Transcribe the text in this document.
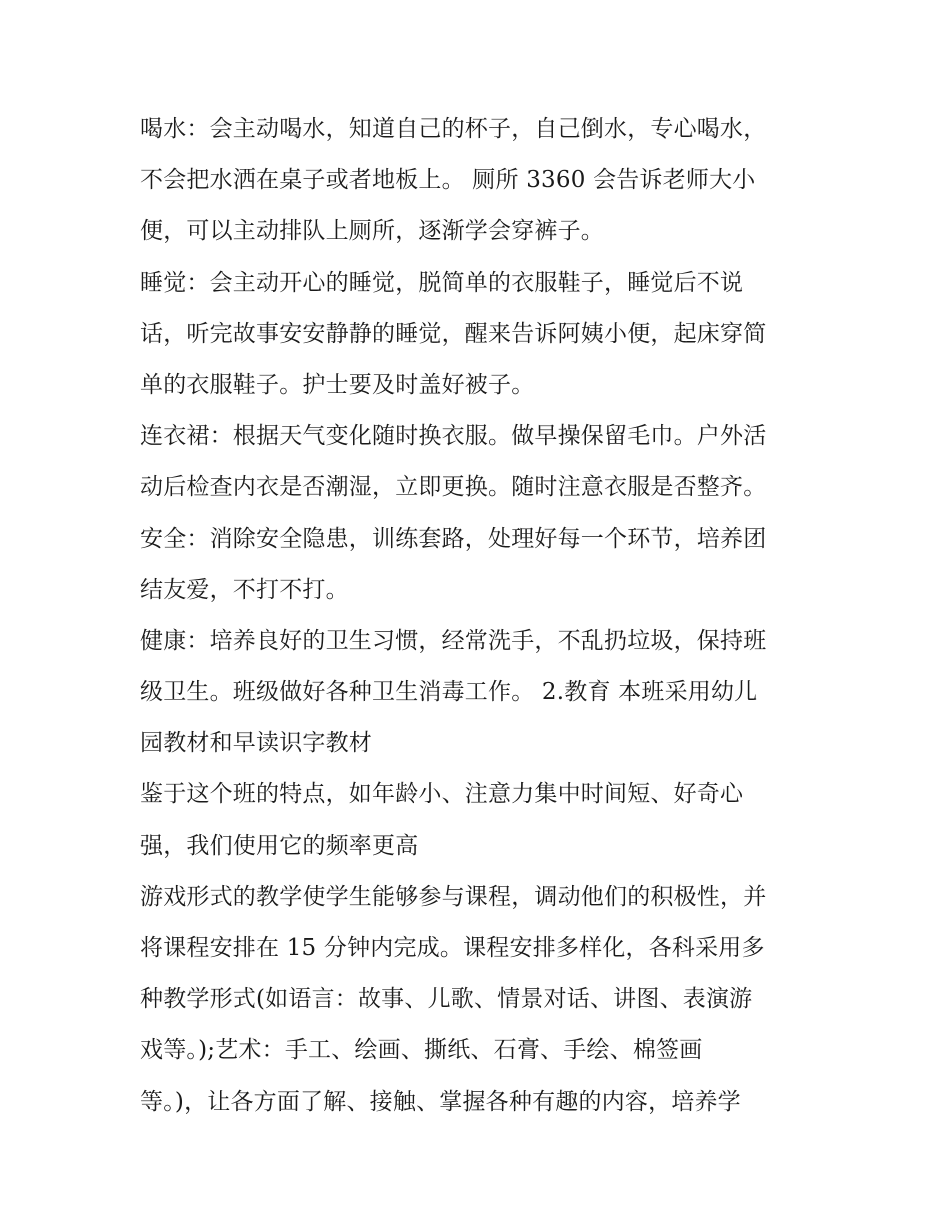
喝水：会主动喝水，知道自己的杯子，自己倒水，专心喝水，
不会把水洒在桌子或者地板上。 厕所 3360 会告诉老师大小
便，可以主动排队上厕所，逐渐学会穿裤子。
睡觉：会主动开心的睡觉，脱简单的衣服鞋子，睡觉后不说
话，听完故事安安静静的睡觉，醒来告诉阿姨小便，起床穿简
单的衣服鞋子。护士要及时盖好被子。
连衣裙：根据天气变化随时换衣服。做早操保留毛巾。户外活
动后检查内衣是否潮湿，立即更换。随时注意衣服是否整齐。
安全：消除安全隐患，训练套路，处理好每一个环节，培养团
结友爱，不打不打。
健康：培养良好的卫生习惯，经常洗手，不乱扔垃圾，保持班
级卫生。班级做好各种卫生消毒工作。 2.教育 本班采用幼儿
园教材和早读识字教材
鉴于这个班的特点，如年龄小、注意力集中时间短、好奇心
强，我们使用它的频率更高
游戏形式的教学使学生能够参与课程，调动他们的积极性，并
将课程安排在 15 分钟内完成。课程安排多样化，各科采用多
种教学形式(如语言：故事、儿歌、情景对话、讲图、表演游
戏等。);艺术：手工、绘画、撕纸、石膏、手绘、棉签画
等。)，让各方面了解、接触、掌握各种有趣的内容，培养学
